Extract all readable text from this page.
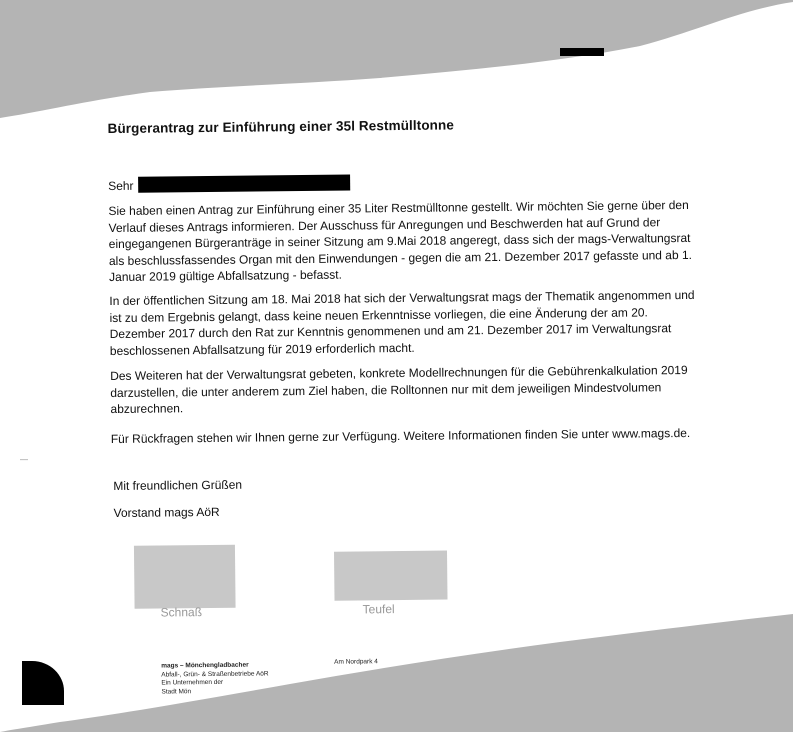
Bürgerantrag zur Einführung einer 35l Restmülltonne
Sehr

Sie haben einen Antrag zur Einführung einer 35 Liter Restmülltonne gestellt. Wir möchten Sie gerne über den Verlauf dieses Antrags informieren. Der Ausschuss für Anregungen und Beschwerden hat auf Grund der eingegangenen Bürgeranträge in seiner Sitzung am 9.Mai 2018 angeregt, dass sich der mags-Verwaltungsrat als beschlussfassendes Organ mit den Einwendungen - gegen die am 21. Dezember 2017 gefasste und ab 1. Januar 2019 gültige Abfallsatzung - befasst.

In der öffentlichen Sitzung am 18. Mai 2018 hat sich der Verwaltungsrat mags der Thematik angenommen und ist zu dem Ergebnis gelangt, dass keine neuen Erkenntnisse vorliegen, die eine Änderung der am 20. Dezember 2017 durch den Rat zur Kenntnis genommenen und am 21. Dezember 2017 im Verwaltungsrat beschlossenen Abfallsatzung für 2019 erforderlich macht.

Des Weiteren hat der Verwaltungsrat gebeten, konkrete Modellrechnungen für die Gebührenkalkulation 2019 darzustellen, die unter anderem zum Ziel haben, die Rolltonnen nur mit dem jeweiligen Mindestvolumen abzurechnen.

Für Rückfragen stehen wir Ihnen gerne zur Verfügung. Weitere Informationen finden Sie unter www.mags.de.

Mit freundlichen Grüßen
Vorstand mags AöR
Schnaß	Teufel
mags – Mönchengladbacher
Abfall-, Grün- & Straßenbetriebe AöR
Ein Unternehmen der
Stadt Mön
Am Nordpark 4
—
